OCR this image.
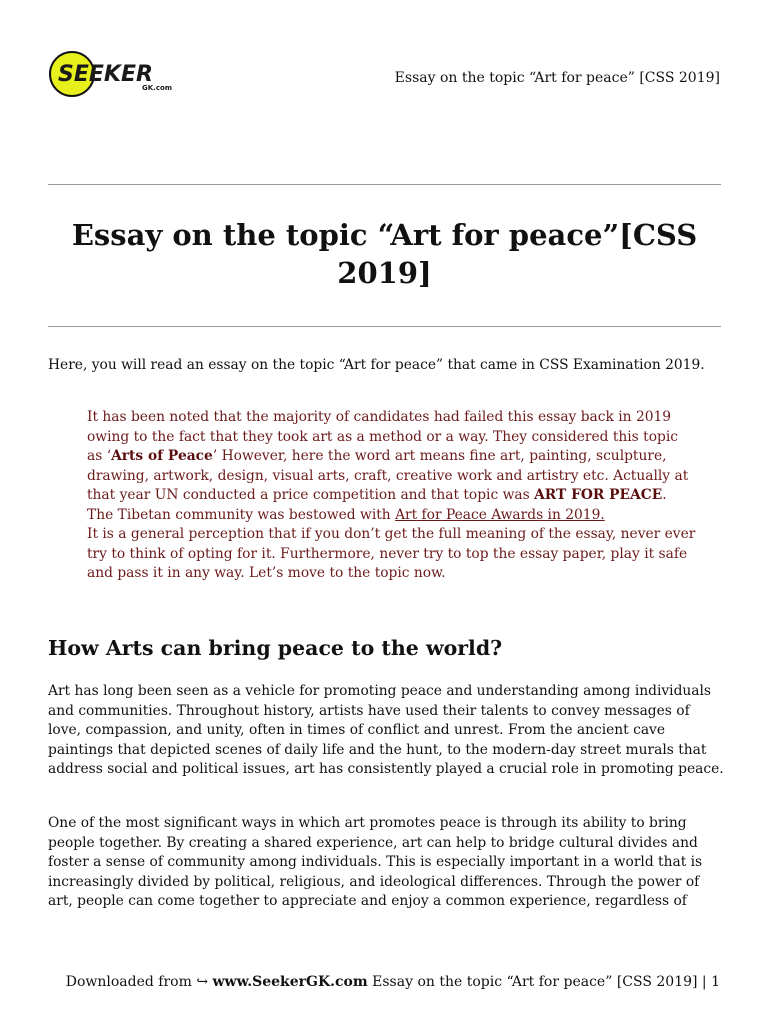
SEEKER
GK.com
Essay on the topic “Art for peace” [CSS 2019]
Essay on the topic “Art for peace”[CSS
2019]

Here, you will read an essay on the topic “Art for peace” that came in CSS Examination 2019.

It has been noted that the majority of candidates had failed this essay back in 2019 owing to the fact that they took art as a method or a way. They considered this topic as ‘Arts of Peace’ However, here the word art means fine art, painting, sculpture, drawing, artwork, design, visual arts, craft, creative work and artistry etc. Actually at that year UN conducted a price competition and that topic was ART FOR PEACE. The Tibetan community was bestowed with Art for Peace Awards in 2019.

It is a general perception that if you don’t get the full meaning of the essay, never ever try to think of opting for it. Furthermore, never try to top the essay paper, play it safe and pass it in any way. Let’s move to the topic now.

How Arts can bring peace to the world?

Art has long been seen as a vehicle for promoting peace and understanding among individuals and communities. Throughout history, artists have used their talents to convey messages of love, compassion, and unity, often in times of conflict and unrest. From the ancient cave paintings that depicted scenes of daily life and the hunt, to the modern-day street murals that address social and political issues, art has consistently played a crucial role in promoting peace.

One of the most significant ways in which art promotes peace is through its ability to bring people together. By creating a shared experience, art can help to bridge cultural divides and foster a sense of community among individuals. This is especially important in a world that is increasingly divided by political, religious, and ideological differences. Through the power of art, people can come together to appreciate and enjoy a common experience, regardless of

Downloaded from ↪ www.SeekerGK.com Essay on the topic “Art for peace” [CSS 2019] | 1
